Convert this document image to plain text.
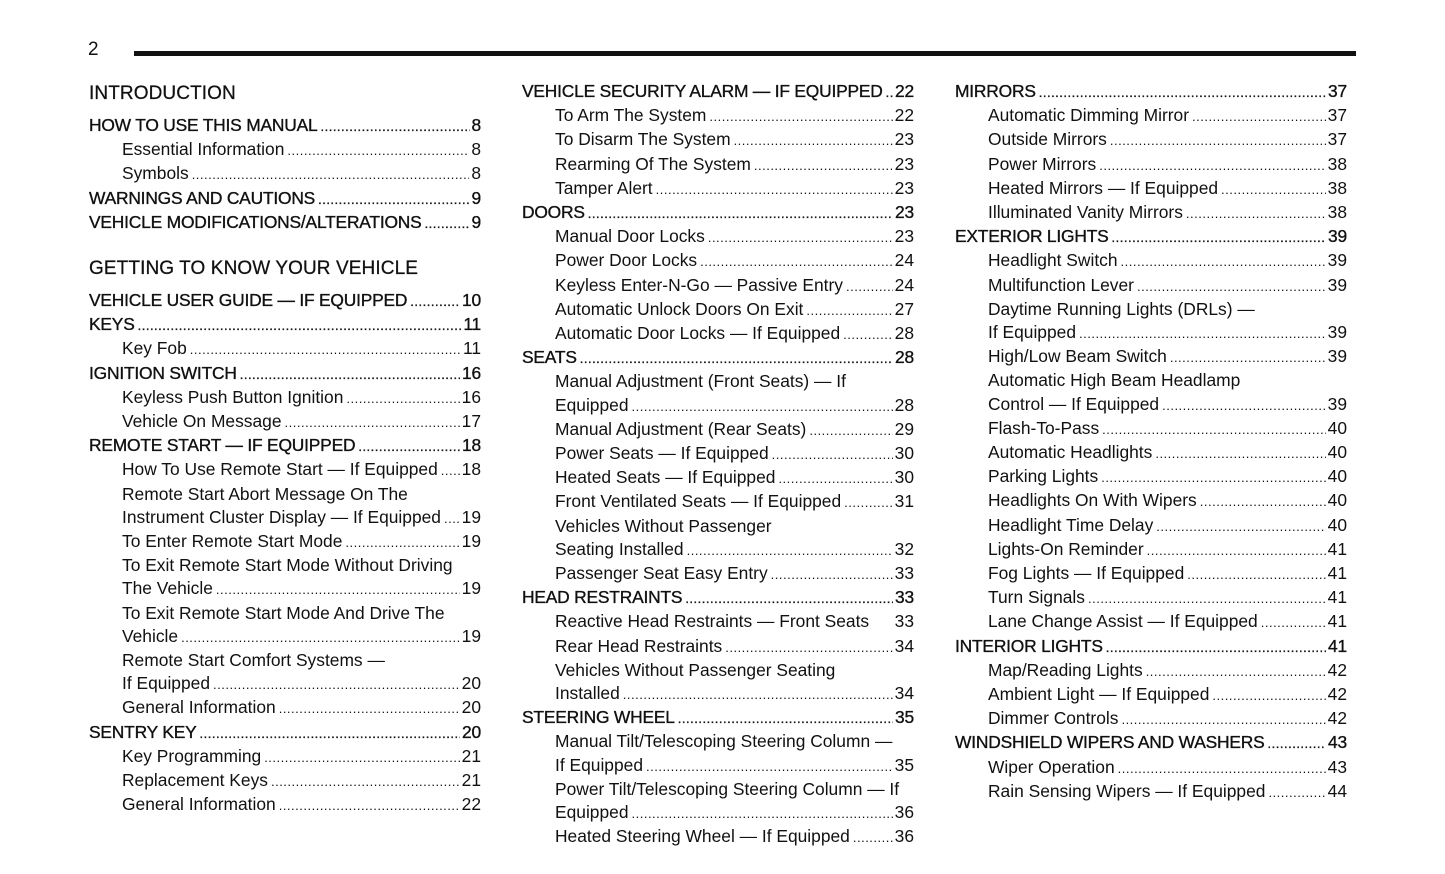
2
INTRODUCTION
HOW TO USE THIS MANUAL .....	8
Essential Information .....	8
Symbols .....	8
WARNINGS AND CAUTIONS .....	9
VEHICLE MODIFICATIONS/ALTERATIONS .....	9
GETTING TO KNOW YOUR VEHICLE
VEHICLE USER GUIDE — IF EQUIPPED .....	10
KEYS .....	11
Key Fob .....	11
IGNITION SWITCH .....	16
Keyless Push Button Ignition .....	16
Vehicle On Message .....	17
REMOTE START — IF EQUIPPED .....	18
How To Use Remote Start — If Equipped ..... 18
Remote Start Abort Message On The
Instrument Cluster Display — If Equipped ..... 19
To Enter Remote Start Mode .....	19
To Exit Remote Start Mode Without Driving
The Vehicle .....	19
To Exit Remote Start Mode And Drive The
Vehicle .....	19
Remote Start Comfort Systems —
If Equipped .....	20
General Information .....	20
SENTRY KEY .....	20
Key Programming .....	21
Replacement Keys .....	21
General Information .....	22
VEHICLE SECURITY ALARM — IF EQUIPPED ..... 22
To Arm The System .....	22
To Disarm The System .....	23
Rearming Of The System .....	23
Tamper Alert .....	23
DOORS .....	23
Manual Door Locks .....	23
Power Door Locks .....	24
Keyless Enter-N-Go — Passive Entry .....	24
Automatic Unlock Doors On Exit .....	27
Automatic Door Locks — If Equipped .....	28
SEATS .....	28
Manual Adjustment (Front Seats) — If
Equipped .....	28
Manual Adjustment (Rear Seats) .....	29
Power Seats — If Equipped .....	30
Heated Seats — If Equipped .....	30
Front Ventilated Seats — If Equipped .....	31
Vehicles Without Passenger
Seating Installed .....	32
Passenger Seat Easy Entry .....	33
HEAD RESTRAINTS .....	33
Reactive Head Restraints — Front Seats 33
Rear Head Restraints .....	34
Vehicles Without Passenger Seating
Installed .....	34
STEERING WHEEL .....	35
Manual Tilt/Telescoping Steering Column —
If Equipped .....	35
Power Tilt/Telescoping Steering Column — If
Equipped .....	36
Heated Steering Wheel — If Equipped .....	36
MIRRORS .....	37
Automatic Dimming Mirror .....	37
Outside Mirrors .....	37
Power Mirrors .....	38
Heated Mirrors — If Equipped .....	38
Illuminated Vanity Mirrors .....	38
EXTERIOR LIGHTS .....	39
Headlight Switch .....	39
Multifunction Lever .....	39
Daytime Running Lights (DRLs) —
If Equipped .....	39
High/Low Beam Switch .....	39
Automatic High Beam Headlamp
Control — If Equipped .....	39
Flash-To-Pass .....	40
Automatic Headlights .....	40
Parking Lights .....	40
Headlights On With Wipers .....	40
Headlight Time Delay .....	40
Lights-On Reminder .....	41
Fog Lights — If Equipped .....	41
Turn Signals .....	41
Lane Change Assist — If Equipped .....	41
INTERIOR LIGHTS .....	41
Map/Reading Lights .....	42
Ambient Light — If Equipped .....	42
Dimmer Controls .....	42
WINDSHIELD WIPERS AND WASHERS .....	43
Wiper Operation .....	43
Rain Sensing Wipers — If Equipped .....	44
